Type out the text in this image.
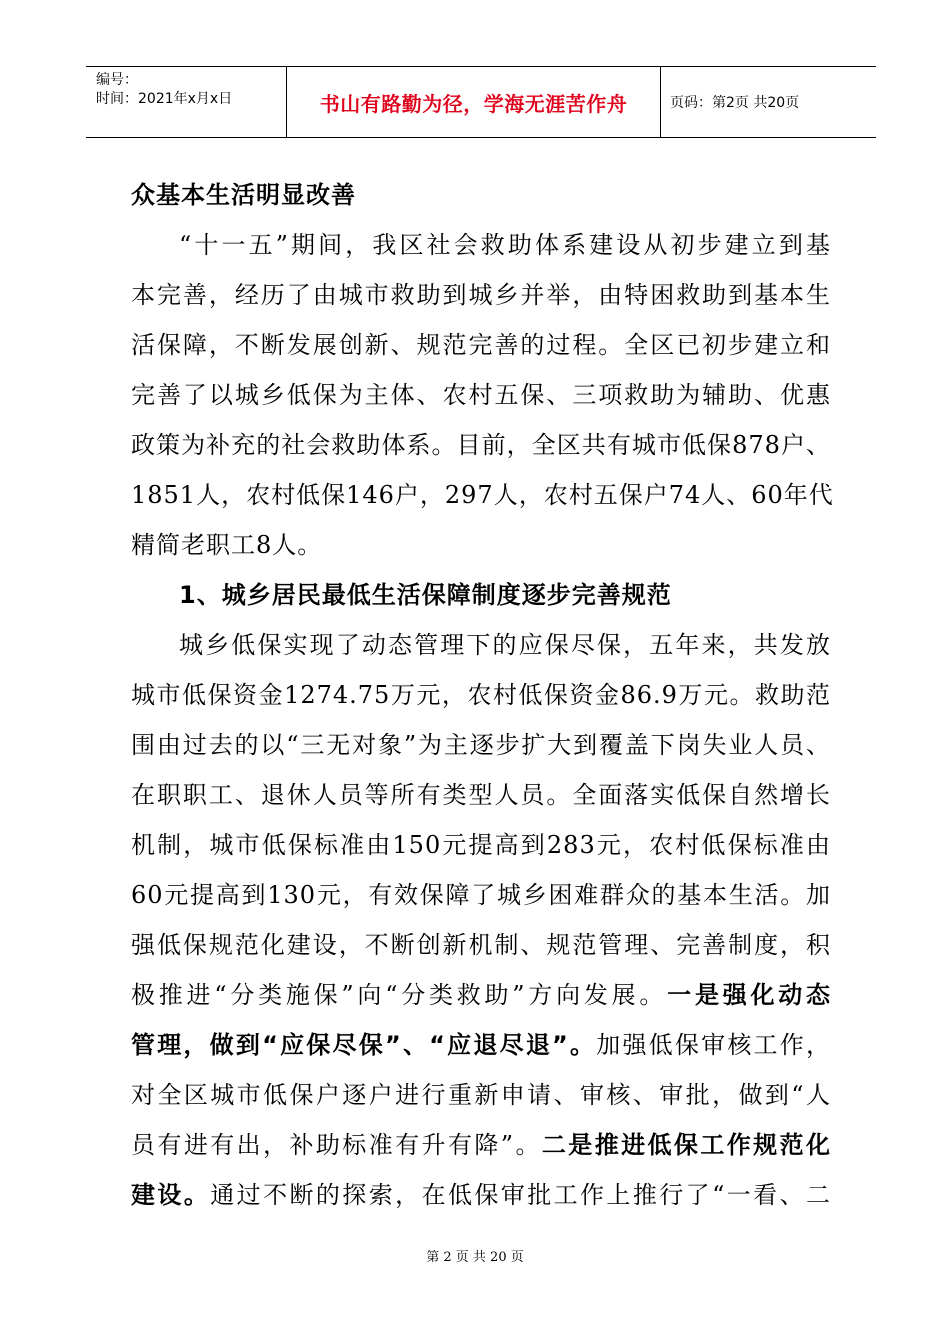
编号：
时间：2021年x月x日	书山有路勤为径，学海无涯苦作舟	页码：第2页 共20页
众基本生活明显改善
“十一五”期间，我区社会救助体系建设从初步建立到基
本完善，经历了由城市救助到城乡并举，由特困救助到基本生
活保障，不断发展创新、规范完善的过程。全区已初步建立和
完善了以城乡低保为主体、农村五保、三项救助为辅助、优惠
政策为补充的社会救助体系。目前，全区共有城市低保878户、
1851人，农村低保146户，297人，农村五保户74人、60年代
精简老职工8人。
1、城乡居民最低生活保障制度逐步完善规范
城乡低保实现了动态管理下的应保尽保，五年来，共发放
城市低保资金1274.75万元，农村低保资金86.9万元。救助范
围由过去的以“三无对象”为主逐步扩大到覆盖下岗失业人员、
在职职工、退休人员等所有类型人员。全面落实低保自然增长
机制，城市低保标准由150元提高到283元，农村低保标准由
60元提高到130元，有效保障了城乡困难群众的基本生活。加
强低保规范化建设，不断创新机制、规范管理、完善制度，积
极推进“分类施保”向“分类救助”方向发展。一是强化动态
管理，做到“应保尽保”、“应退尽退”。加强低保审核工作，
对全区城市低保户逐户进行重新申请、审核、审批，做到“人
员有进有出，补助标准有升有降”。二是推进低保工作规范化
建设。通过不断的探索，在低保审批工作上推行了“一看、二
第 2 页 共 20 页
